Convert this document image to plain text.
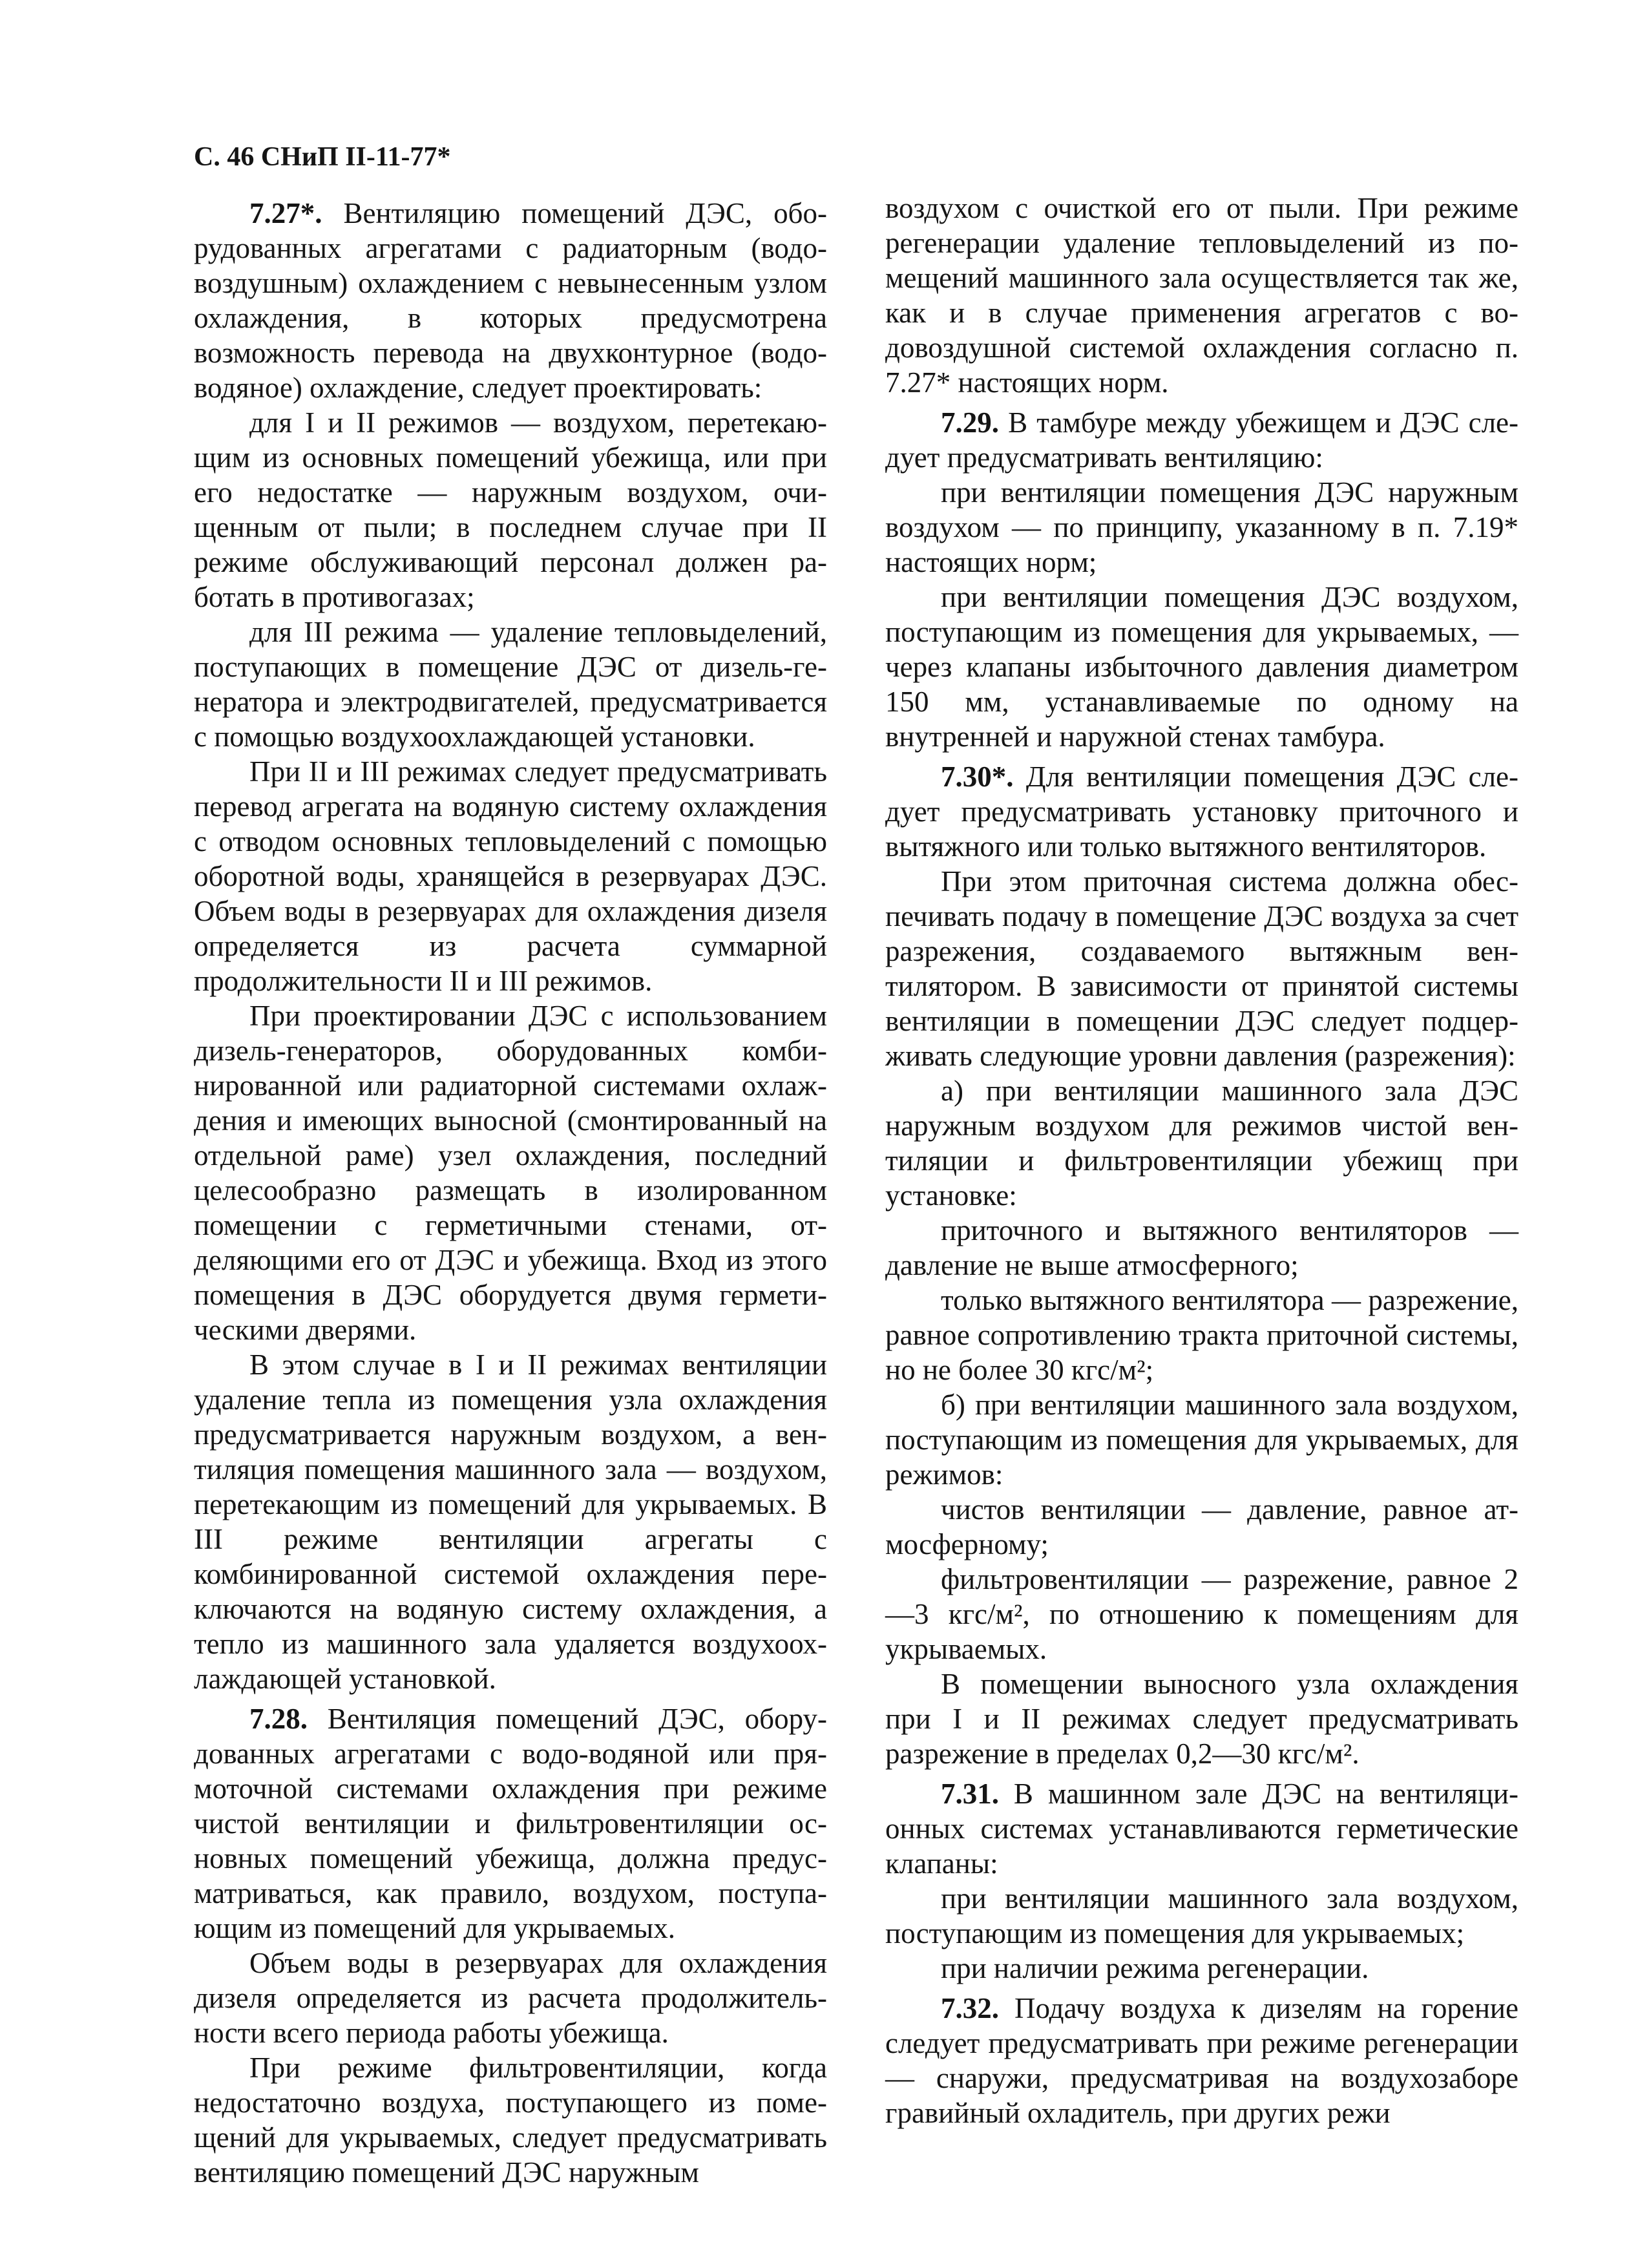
С. 46 СНиП II-11-77*

7.27*. Вентиляцию помещений ДЭС, оборудованных агрегатами с радиаторным (водовоздушным) охлаждением с невынесенным узлом охлаждения, в которых предусмотрена возможность перевода на двухконтурное (водоводяное) охлаждение, следует проектировать:

для I и II режимов — воздухом, перетекающим из основных помещений убежища, или при его недостатке — наружным воздухом, очищенным от пыли; в последнем случае при II режиме обслуживающий персонал должен работать в противогазах;

для III режима — удаление тепловыделений, поступающих в помещение ДЭС от дизель-генератора и электродвигателей, предусматривается с помощью воздухоохлаждающей установки.

При II и III режимах следует предусматривать перевод агрегата на водяную систему охлаждения с отводом основных тепловыделений с помощью оборотной воды, хранящейся в резервуарах ДЭС. Объем воды в резервуарах для охлаждения дизеля определяется из расчета суммарной продолжительности II и III режимов.

При проектировании ДЭС с использованием дизель-генераторов, оборудованных комбинированной или радиаторной системами охлаждения и имеющих выносной (смонтированный на отдельной раме) узел охлаждения, последний целесообразно размещать в изолированном помещении с герметичными стенами, отделяющими его от ДЭС и убежища. Вход из этого помещения в ДЭС оборудуется двумя герметическими дверями.

В этом случае в I и II режимах вентиляции удаление тепла из помещения узла охлаждения предусматривается наружным воздухом, а вентиляция помещения машинного зала — воздухом, перетекающим из помещений для укрываемых. В III режиме вентиляции агрегаты с комбинированной системой охлаждения переключаются на водяную систему охлаждения, а тепло из машинного зала удаляется воздухоохлаждающей установкой.

7.28. Вентиляция помещений ДЭС, оборудованных агрегатами с водо-водяной или прямоточной системами охлаждения при режиме чистой вентиляции и фильтровентиляции основных помещений убежища, должна предусматриваться, как правило, воздухом, поступающим из помещений для укрываемых.

Объем воды в резервуарах для охлаждения дизеля определяется из расчета продолжительности всего периода работы убежища.

При режиме фильтровентиляции, когда недостаточно воздуха, поступающего из помещений для укрываемых, следует предусматривать вентиляцию помещений ДЭС наружным

воздухом с очисткой его от пыли. При режиме регенерации удаление тепловыделений из помещений машинного зала осуществляется так же, как и в случае применения агрегатов с водовоздушной системой охлаждения согласно п. 7.27* настоящих норм.

7.29. В тамбуре между убежищем и ДЭС следует предусматривать вентиляцию:

при вентиляции помещения ДЭС наружным воздухом — по принципу, указанному в п. 7.19* настоящих норм;

при вентиляции помещения ДЭС воздухом, поступающим из помещения для укрываемых, — через клапаны избыточного давления диаметром 150 мм, устанавливаемые по одному на внутренней и наружной стенах тамбура.

7.30*. Для вентиляции помещения ДЭС следует предусматривать установку приточного и вытяжного или только вытяжного вентиляторов.

При этом приточная система должна обеспечивать подачу в помещение ДЭС воздуха за счет разрежения, создаваемого вытяжным вентилятором. В зависимости от принятой системы вентиляции в помещении ДЭС следует подцерживать следующие уровни давления (разрежения):

а) при вентиляции машинного зала ДЭС наружным воздухом для режимов чистой вентиляции и фильтровентиляции убежищ при установке:

приточного и вытяжного вентиляторов — давление не выше атмосферного;

только вытяжного вентилятора — разрежение, равное сопротивлению тракта приточной системы, но не более 30 кгс/м²;

б) при вентиляции машинного зала воздухом, поступающим из помещения для укрываемых, для режимов:

чистов вентиляции — давление, равное атмосферному;

фильтровентиляции — разрежение, равное 2—3 кгс/м², по отношению к помещениям для укрываемых.

В помещении выносного узла охлаждения при I и II режимах следует предусматривать разрежение в пределах 0,2—30 кгс/м².

7.31. В машинном зале ДЭС на вентиляционных системах устанавливаются герметические клапаны:

при вентиляции машинного зала воздухом, поступающим из помещения для укрываемых;

при наличии режима регенерации.

7.32. Подачу воздуха к дизелям на горение следует предусматривать при режиме регенерации — снаружи, предусматривая на воздухозаборе гравийный охладитель, при других режи
